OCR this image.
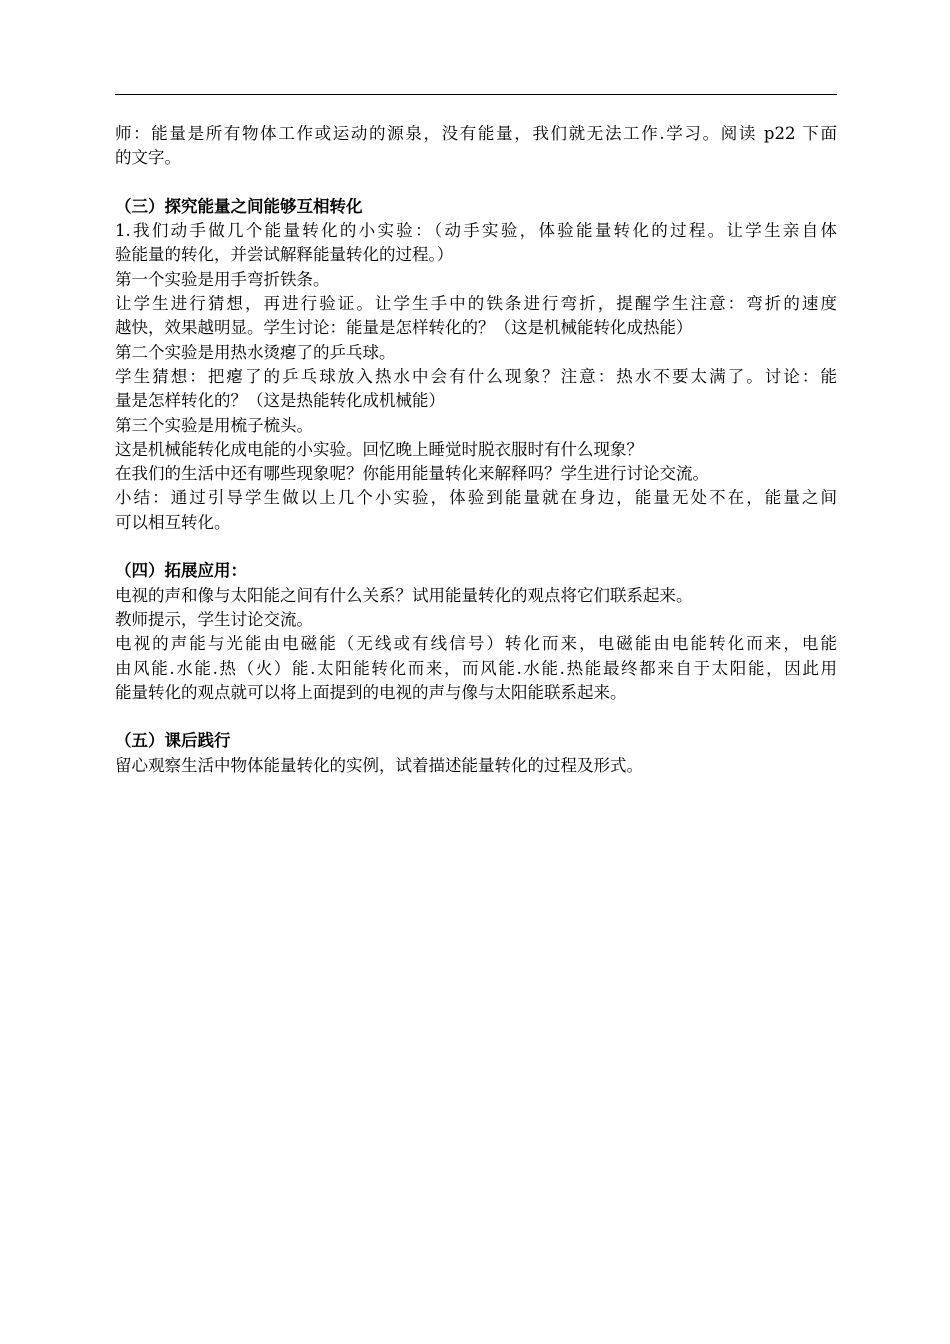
师：能量是所有物体工作或运动的源泉，没有能量，我们就无法工作.学习。阅读 p22 下面
的文字。
（三）探究能量之间能够互相转化
1.我们动手做几个能量转化的小实验：（动手实验，体验能量转化的过程。让学生亲自体
验能量的转化，并尝试解释能量转化的过程。）
第一个实验是用手弯折铁条。
让学生进行猜想，再进行验证。让学生手中的铁条进行弯折，提醒学生注意：弯折的速度
越快，效果越明显。学生讨论：能量是怎样转化的？（这是机械能转化成热能）
第二个实验是用热水烫瘪了的乒乓球。
学生猜想：把瘪了的乒乓球放入热水中会有什么现象？注意：热水不要太满了。讨论：能
量是怎样转化的？（这是热能转化成机械能）
第三个实验是用梳子梳头。
这是机械能转化成电能的小实验。回忆晚上睡觉时脱衣服时有什么现象？
在我们的生活中还有哪些现象呢？你能用能量转化来解释吗？学生进行讨论交流。
小结：通过引导学生做以上几个小实验，体验到能量就在身边，能量无处不在，能量之间
可以相互转化。
（四）拓展应用：
电视的声和像与太阳能之间有什么关系？试用能量转化的观点将它们联系起来。
教师提示，学生讨论交流。
电视的声能与光能由电磁能（无线或有线信号）转化而来，电磁能由电能转化而来，电能
由风能.水能.热（火）能.太阳能转化而来，而风能.水能.热能最终都来自于太阳能，因此用
能量转化的观点就可以将上面提到的电视的声与像与太阳能联系起来。
（五）课后践行
留心观察生活中物体能量转化的实例，试着描述能量转化的过程及形式。
